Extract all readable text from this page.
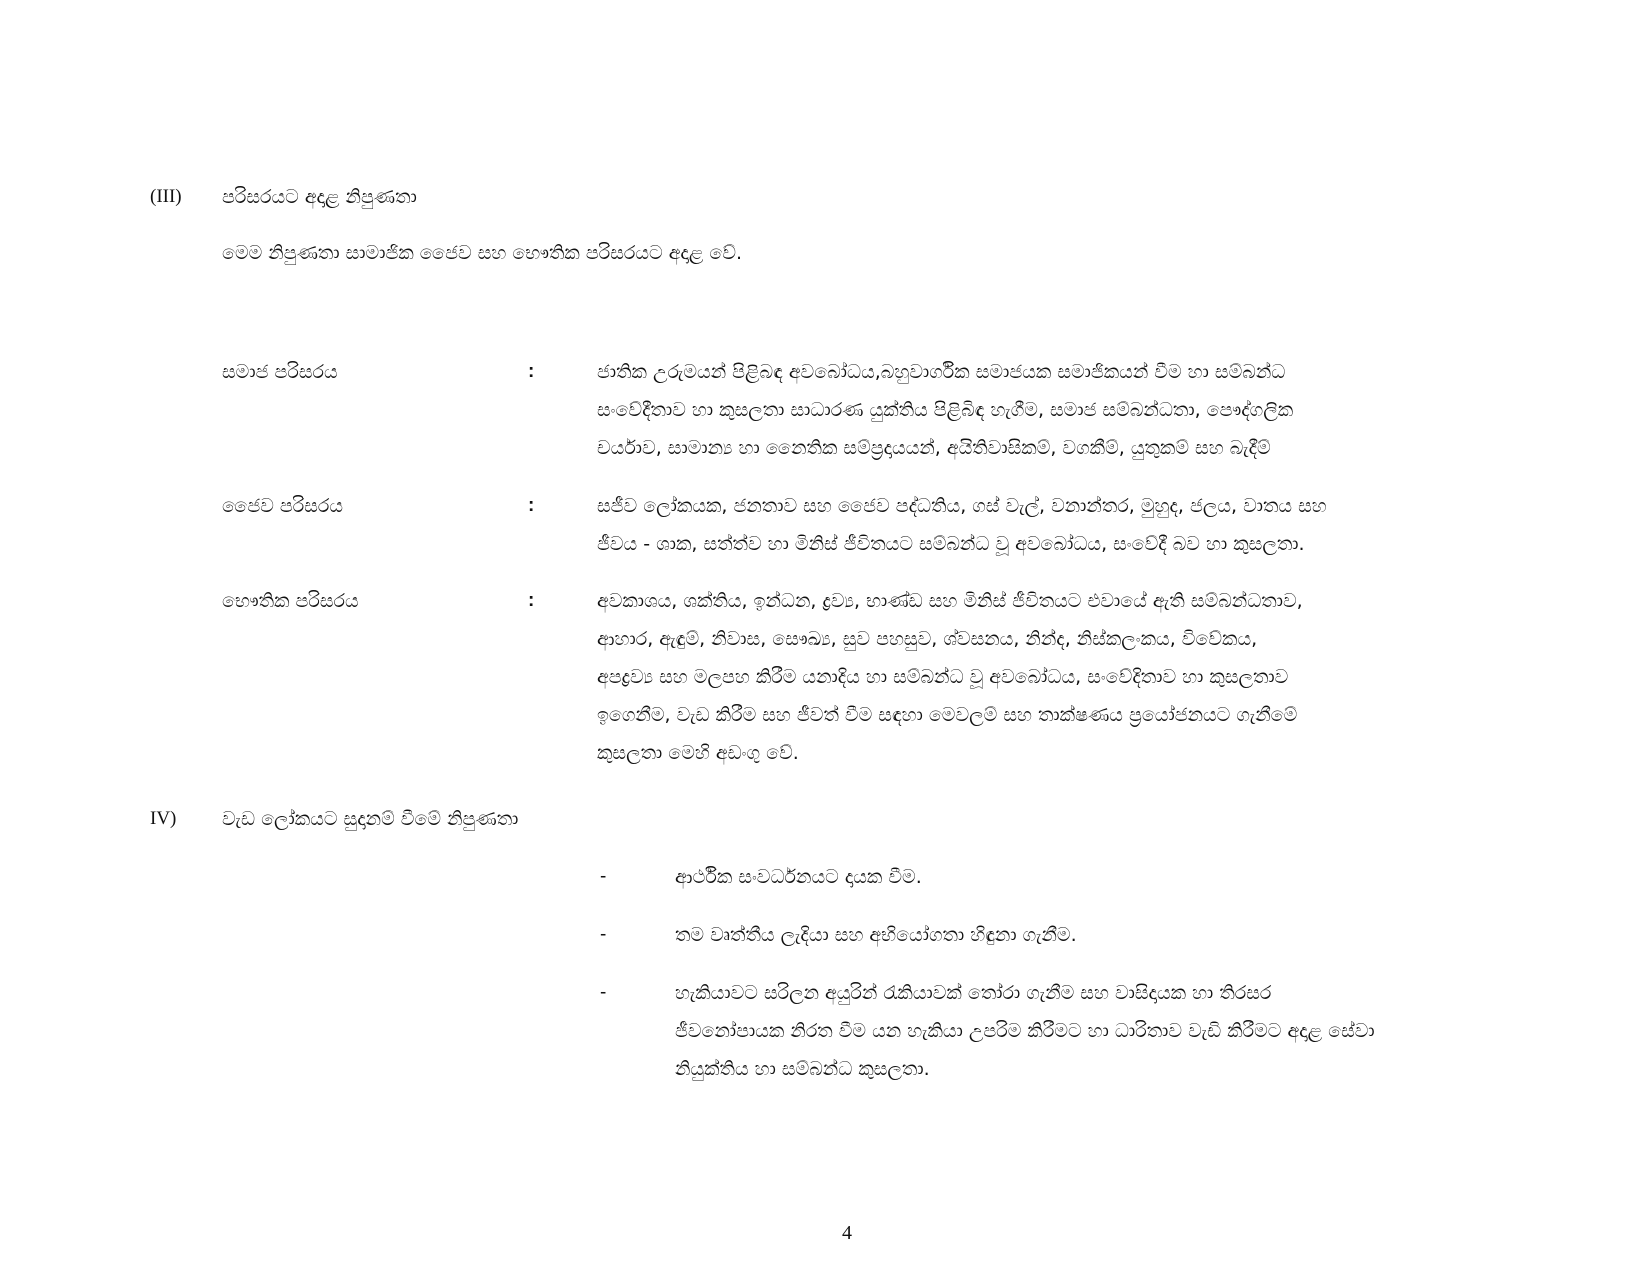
(III) පරිසරයට අදාළ නිපුණතා
මෙම නිපුණතා සාමාජික ජෛව සහ භෞතික පරිසරයට අදාළ වේ.
සමාජ පරිසරය	:	ජාතික උරුමයන් පිළිබඳ අවබෝධය,බහුවාර්ගික සමාජයක සමාජිකයන් වීම හා සම්බන්ධ
සංවේදීතාව හා කුසලතා සාධාරණ යුක්තිය පිළිබිඳ හැගීම, සමාජ සම්බන්ධතා, පෞද්ගලික
චර්යාව, සාමාන්‍ය හා නෛතික සම්ප්‍රදායයන්, අයිතිවාසිකම්, වගකීම්, යුතුකම් සහ බැදීම්
ජෛව පරිසරය	:	සජීව ලෝකයක, ජනතාව සහ ජෛව පද්ධතිය, ගස් වැල්, වනාන්තර, මුහුද, ජලය, වාතය සහ
ජීවය - ශාක, සත්ත්ව හා මිනිස් ජීවිතයට සම්බන්ධ වූ අවබෝධය, සංවේදී බව හා කුසලතා.
භෞතික පරිසරය	:	අවකාශය, ශක්තිය, ඉන්ධන, ද්‍රව්‍ය, භාණ්ඩ සහ මිනිස් ජීවිතයට එවායේ ඇති සම්බන්ධතාව,
ආහාර, ඇඳුම්, නිවාස, සෞඛ්‍ය, සුව පහසුව, ශ්වසනය, නින්ද, නිස්කලංකය, විවේකය,
අපද්‍රව්‍ය සහ මලපහ කිරීම යනාදිය හා සම්බන්ධ වූ අවබෝධය, සංවේදිතාව හා කුසලතාව
ඉගෙනීම, වැඩ කිරීම සහ ජීවත් වීම සඳහා මෙවලම් සහ තාක්ෂණය ප්‍රයෝජනයට ගැනීමේ
කුසලතා මෙහි අඩංගු වේ.
IV) වැඩ ලෝකයට සුදානම් වීමේ නිපුණතා
-	ආර්ථික සංවර්ධනයට දායක වීම.
-	තම වෘත්තීය ලැදියා සහ අභියෝගතා හිඳුනා ගැනීම.
-	හැකියාවට සරිලන අයුරින් රැකියාවක් තෝරා ගැනීම සහ වාසිදායක හා තිරසර
ජීවනෝපායක නිරත වීම යන හැකියා උපරිම කිරීමට හා ධාරිතාව වැඩි කිරීමට අදාළ සේවා
නියුක්තිය හා සම්බන්ධ කුසලතා.
4
